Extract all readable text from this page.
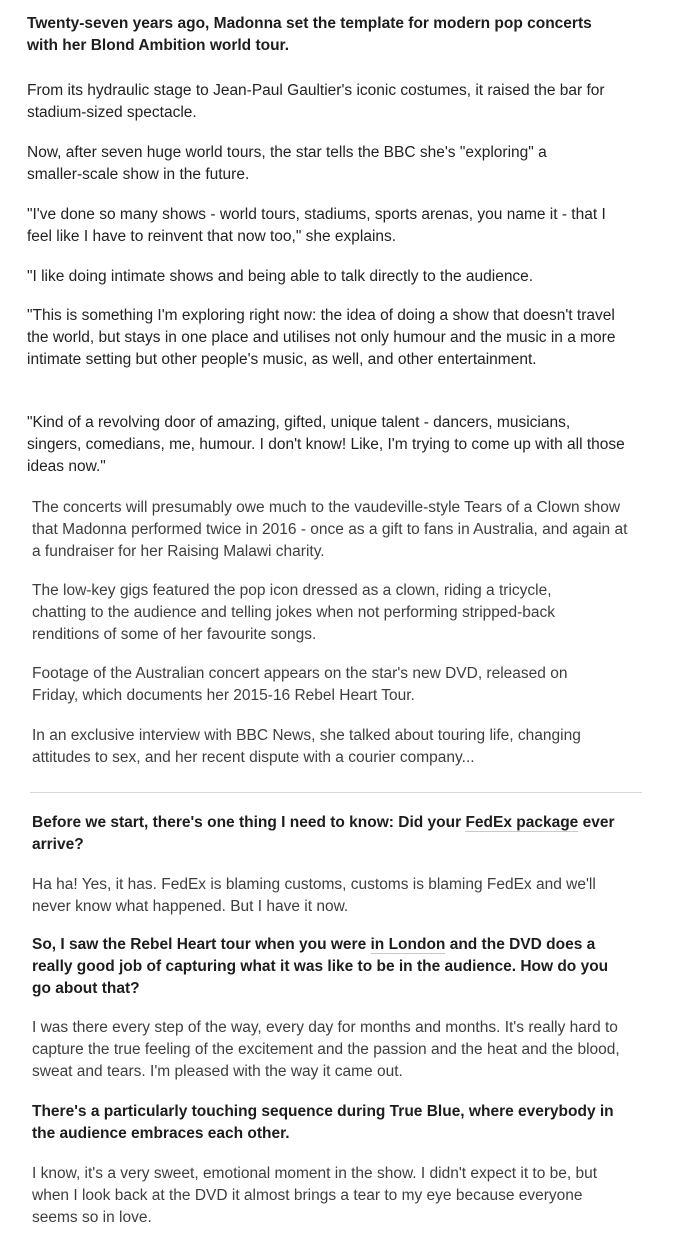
Twenty-seven years ago, Madonna set the template for modern pop concerts with her Blond Ambition world tour.

From its hydraulic stage to Jean-Paul Gaultier's iconic costumes, it raised the bar for stadium-sized spectacle.

Now, after seven huge world tours, the star tells the BBC she's "exploring" a smaller-scale show in the future.

"I've done so many shows - world tours, stadiums, sports arenas, you name it - that I feel like I have to reinvent that now too," she explains.

"I like doing intimate shows and being able to talk directly to the audience.

"This is something I'm exploring right now: the idea of doing a show that doesn't travel the world, but stays in one place and utilises not only humour and the music in a more intimate setting but other people's music, as well, and other entertainment.

"Kind of a revolving door of amazing, gifted, unique talent - dancers, musicians, singers, comedians, me, humour. I don't know! Like, I'm trying to come up with all those ideas now."

The concerts will presumably owe much to the vaudeville-style Tears of a Clown show that Madonna performed twice in 2016 - once as a gift to fans in Australia, and again at a fundraiser for her Raising Malawi charity.

The low-key gigs featured the pop icon dressed as a clown, riding a tricycle, chatting to the audience and telling jokes when not performing stripped-back renditions of some of her favourite songs.

Footage of the Australian concert appears on the star's new DVD, released on Friday, which documents her 2015-16 Rebel Heart Tour.

In an exclusive interview with BBC News, she talked about touring life, changing attitudes to sex, and her recent dispute with a courier company...

Before we start, there's one thing I need to know: Did your FedEx package ever arrive?

Ha ha! Yes, it has. FedEx is blaming customs, customs is blaming FedEx and we'll never know what happened. But I have it now.

So, I saw the Rebel Heart tour when you were in London and the DVD does a really good job of capturing what it was like to be in the audience. How do you go about that?

I was there every step of the way, every day for months and months. It's really hard to capture the true feeling of the excitement and the passion and the heat and the blood, sweat and tears. I'm pleased with the way it came out.

There's a particularly touching sequence during True Blue, where everybody in the audience embraces each other.

I know, it's a very sweet, emotional moment in the show. I didn't expect it to be, but when I look back at the DVD it almost brings a tear to my eye because everyone seems so in love.
